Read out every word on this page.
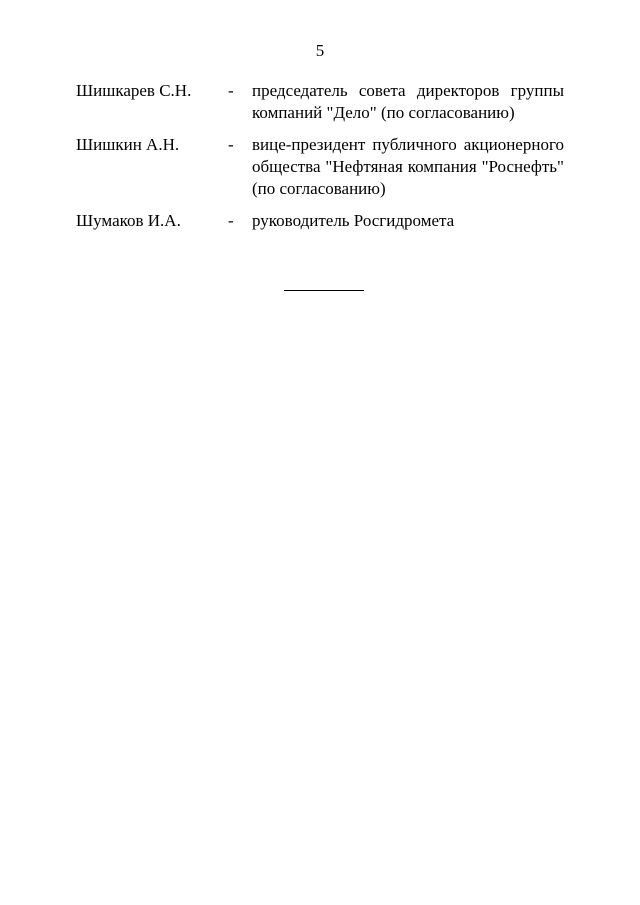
5
Шишкарев С.Н.	-	председатель совета директоров группы
компаний "Дело" (по согласованию)
Шишкин А.Н.	-	вице-президент публичного акционерного
общества "Нефтяная компания "Роснефть"
(по согласованию)
Шумаков И.А.	-	руководитель Росгидромета
